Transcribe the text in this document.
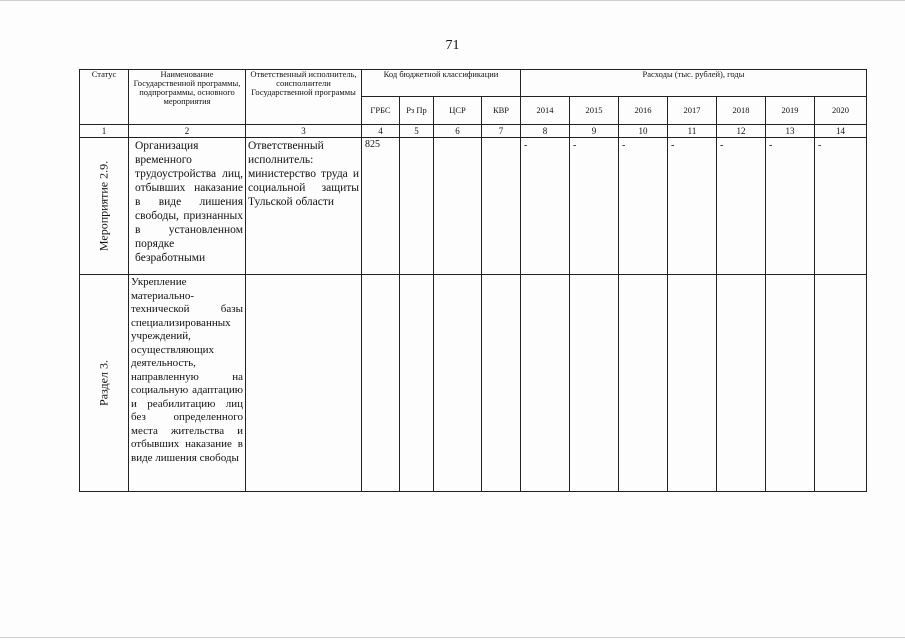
71
Статус	Наименование Государственной программы, подпрограммы, основного мероприятия	Ответственный исполнитель, соисполнители Государственной программы	Код бюджетной классификации				Расходы (тыс. рублей), годы						
			ГРБС	Рз Пр	ЦСР	КВР	2014	2015	2016	2017	2018	2019	2020
1	2	3	4	5	6	7	8	9	10	11	12	13	14

Мероприятие 2.9.	Организация временного трудоустройства лиц, отбывших наказание в виде лишения свободы, признанных в установленном порядке безработными	Ответственный исполнитель: министерство труда и социальной защиты Тульской области	825				-	-	-	-	-	-	-

Раздел 3.	Укрепление материально-технической базы специализированных учреждений, осуществляющих деятельность, направленную на социальную адаптацию и реабилитацию лиц без определенного места жительства и отбывших наказание в виде лишения свободы												
